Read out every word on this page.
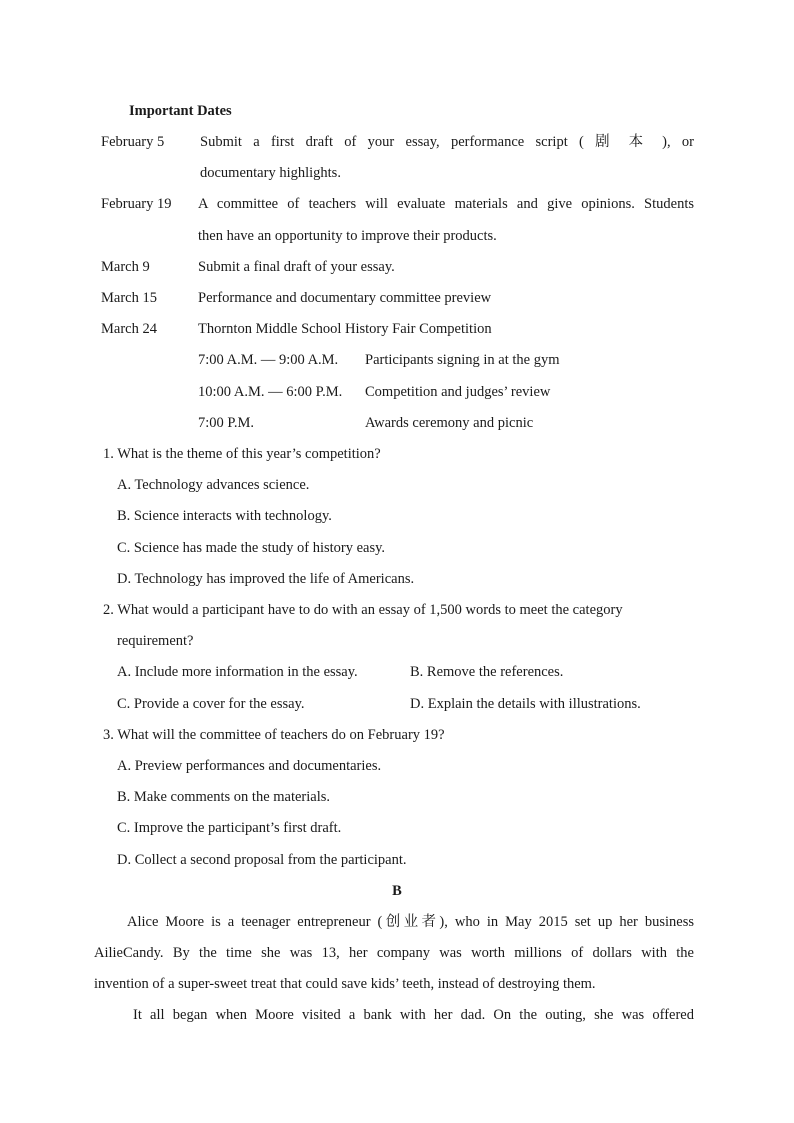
Important Dates
February 5 Submit a first draft of your essay, performance script ( 剧 本 ), or
documentary highlights.
February 19 A committee of teachers will evaluate materials and give opinions. Students
then have an opportunity to improve their products.
March 9	Submit a final draft of your essay.
March 15	Performance and documentary committee preview
March 24	Thornton Middle School History Fair Competition
7:00 A.M. — 9:00 A.M. Participants signing in at the gym
10:00 A.M. — 6:00 P.M. Competition and judges’ review
7:00 P.M.	Awards ceremony and picnic
1. What is the theme of this year’s competition?
A. Technology advances science.
B. Science interacts with technology.
C. Science has made the study of history easy.
D. Technology has improved the life of Americans.
2. What would a participant have to do with an essay of 1,500 words to meet the category
requirement?
A. Include more information in the essay.	B. Remove the references.
C. Provide a cover for the essay.	D. Explain the details with illustrations.
3. What will the committee of teachers do on February 19?
A. Preview performances and documentaries.
B. Make comments on the materials.
C. Improve the participant’s first draft.
D. Collect a second proposal from the participant.
B
Alice Moore is a teenager entrepreneur (创业者), who in May 2015 set up her business
AilieCandy. By the time she was 13, her company was worth millions of dollars with the
invention of a super-sweet treat that could save kids’ teeth, instead of destroying them.
It all began when Moore visited a bank with her dad. On the outing, she was offered
